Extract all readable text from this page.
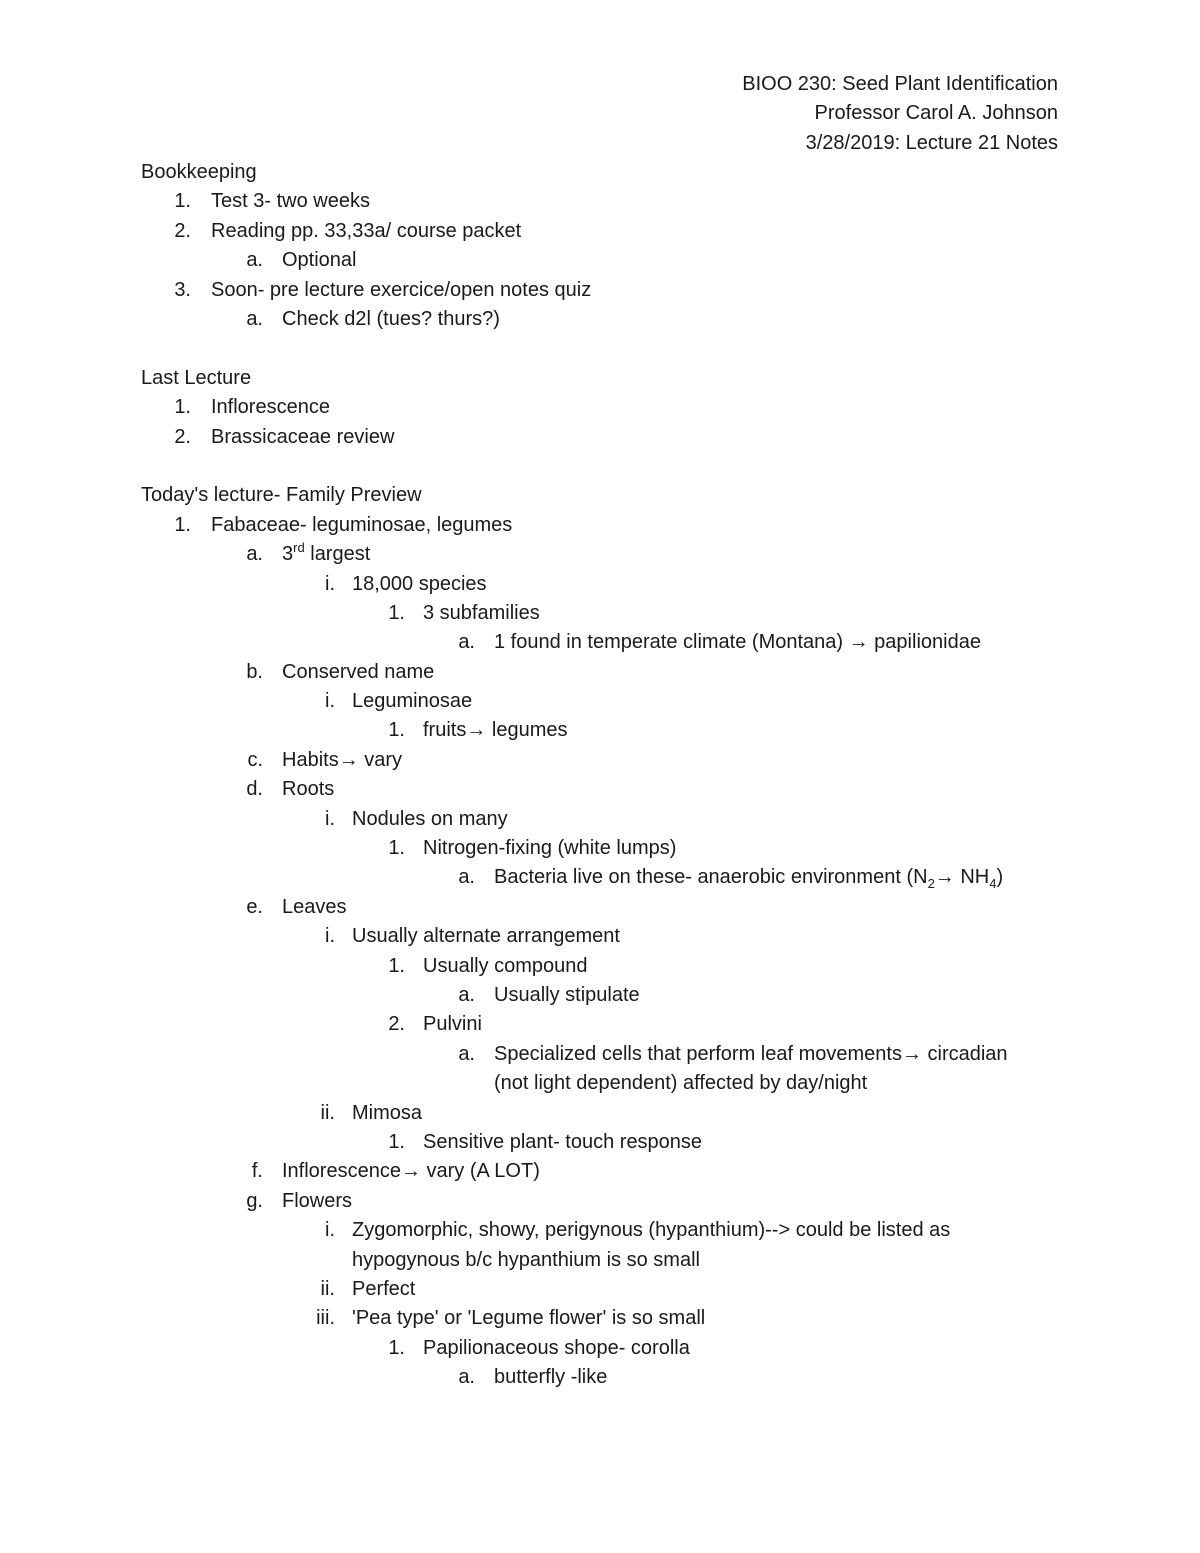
BIOO 230: Seed Plant Identification
Professor Carol A. Johnson
3/28/2019: Lecture 21 Notes
Bookkeeping
1. Test 3- two weeks
2. Reading pp. 33,33a/ course packet
a. Optional
3. Soon- pre lecture exercice/open notes quiz
a. Check d2l (tues? thurs?)
Last Lecture
1. Inflorescence
2. Brassicaceae review
Today's lecture- Family Preview
1. Fabaceae- leguminosae, legumes
a. 3rd largest
i. 18,000 species
1. 3 subfamilies
a. 1 found in temperate climate (Montana) → papilionidae
b. Conserved name
i. Leguminosae
1. fruits→ legumes
c. Habits→ vary
d. Roots
i. Nodules on many
1. Nitrogen-fixing (white lumps)
a. Bacteria live on these- anaerobic environment $(N_2\to NH_4)$
e. Leaves
i. Usually alternate arrangement
1. Usually compound
a. Usually stipulate
2. Pulvini
a. Specialized cells that perform leaf movements→ circadian
(not light dependent) affected by day/night
ii. Mimosa
1. Sensitive plant- touch response
f. Inflorescence→ vary (A LOT)
g. Flowers
i. Zygomorphic, showy, perigynous (hypanthium)--> could be listed as
hypogynous b/c hypanthium is so small
ii. Perfect
iii. 'Pea type' or 'Legume flower' is so small
1. Papilionaceous shope- corolla
a. butterfly -like
